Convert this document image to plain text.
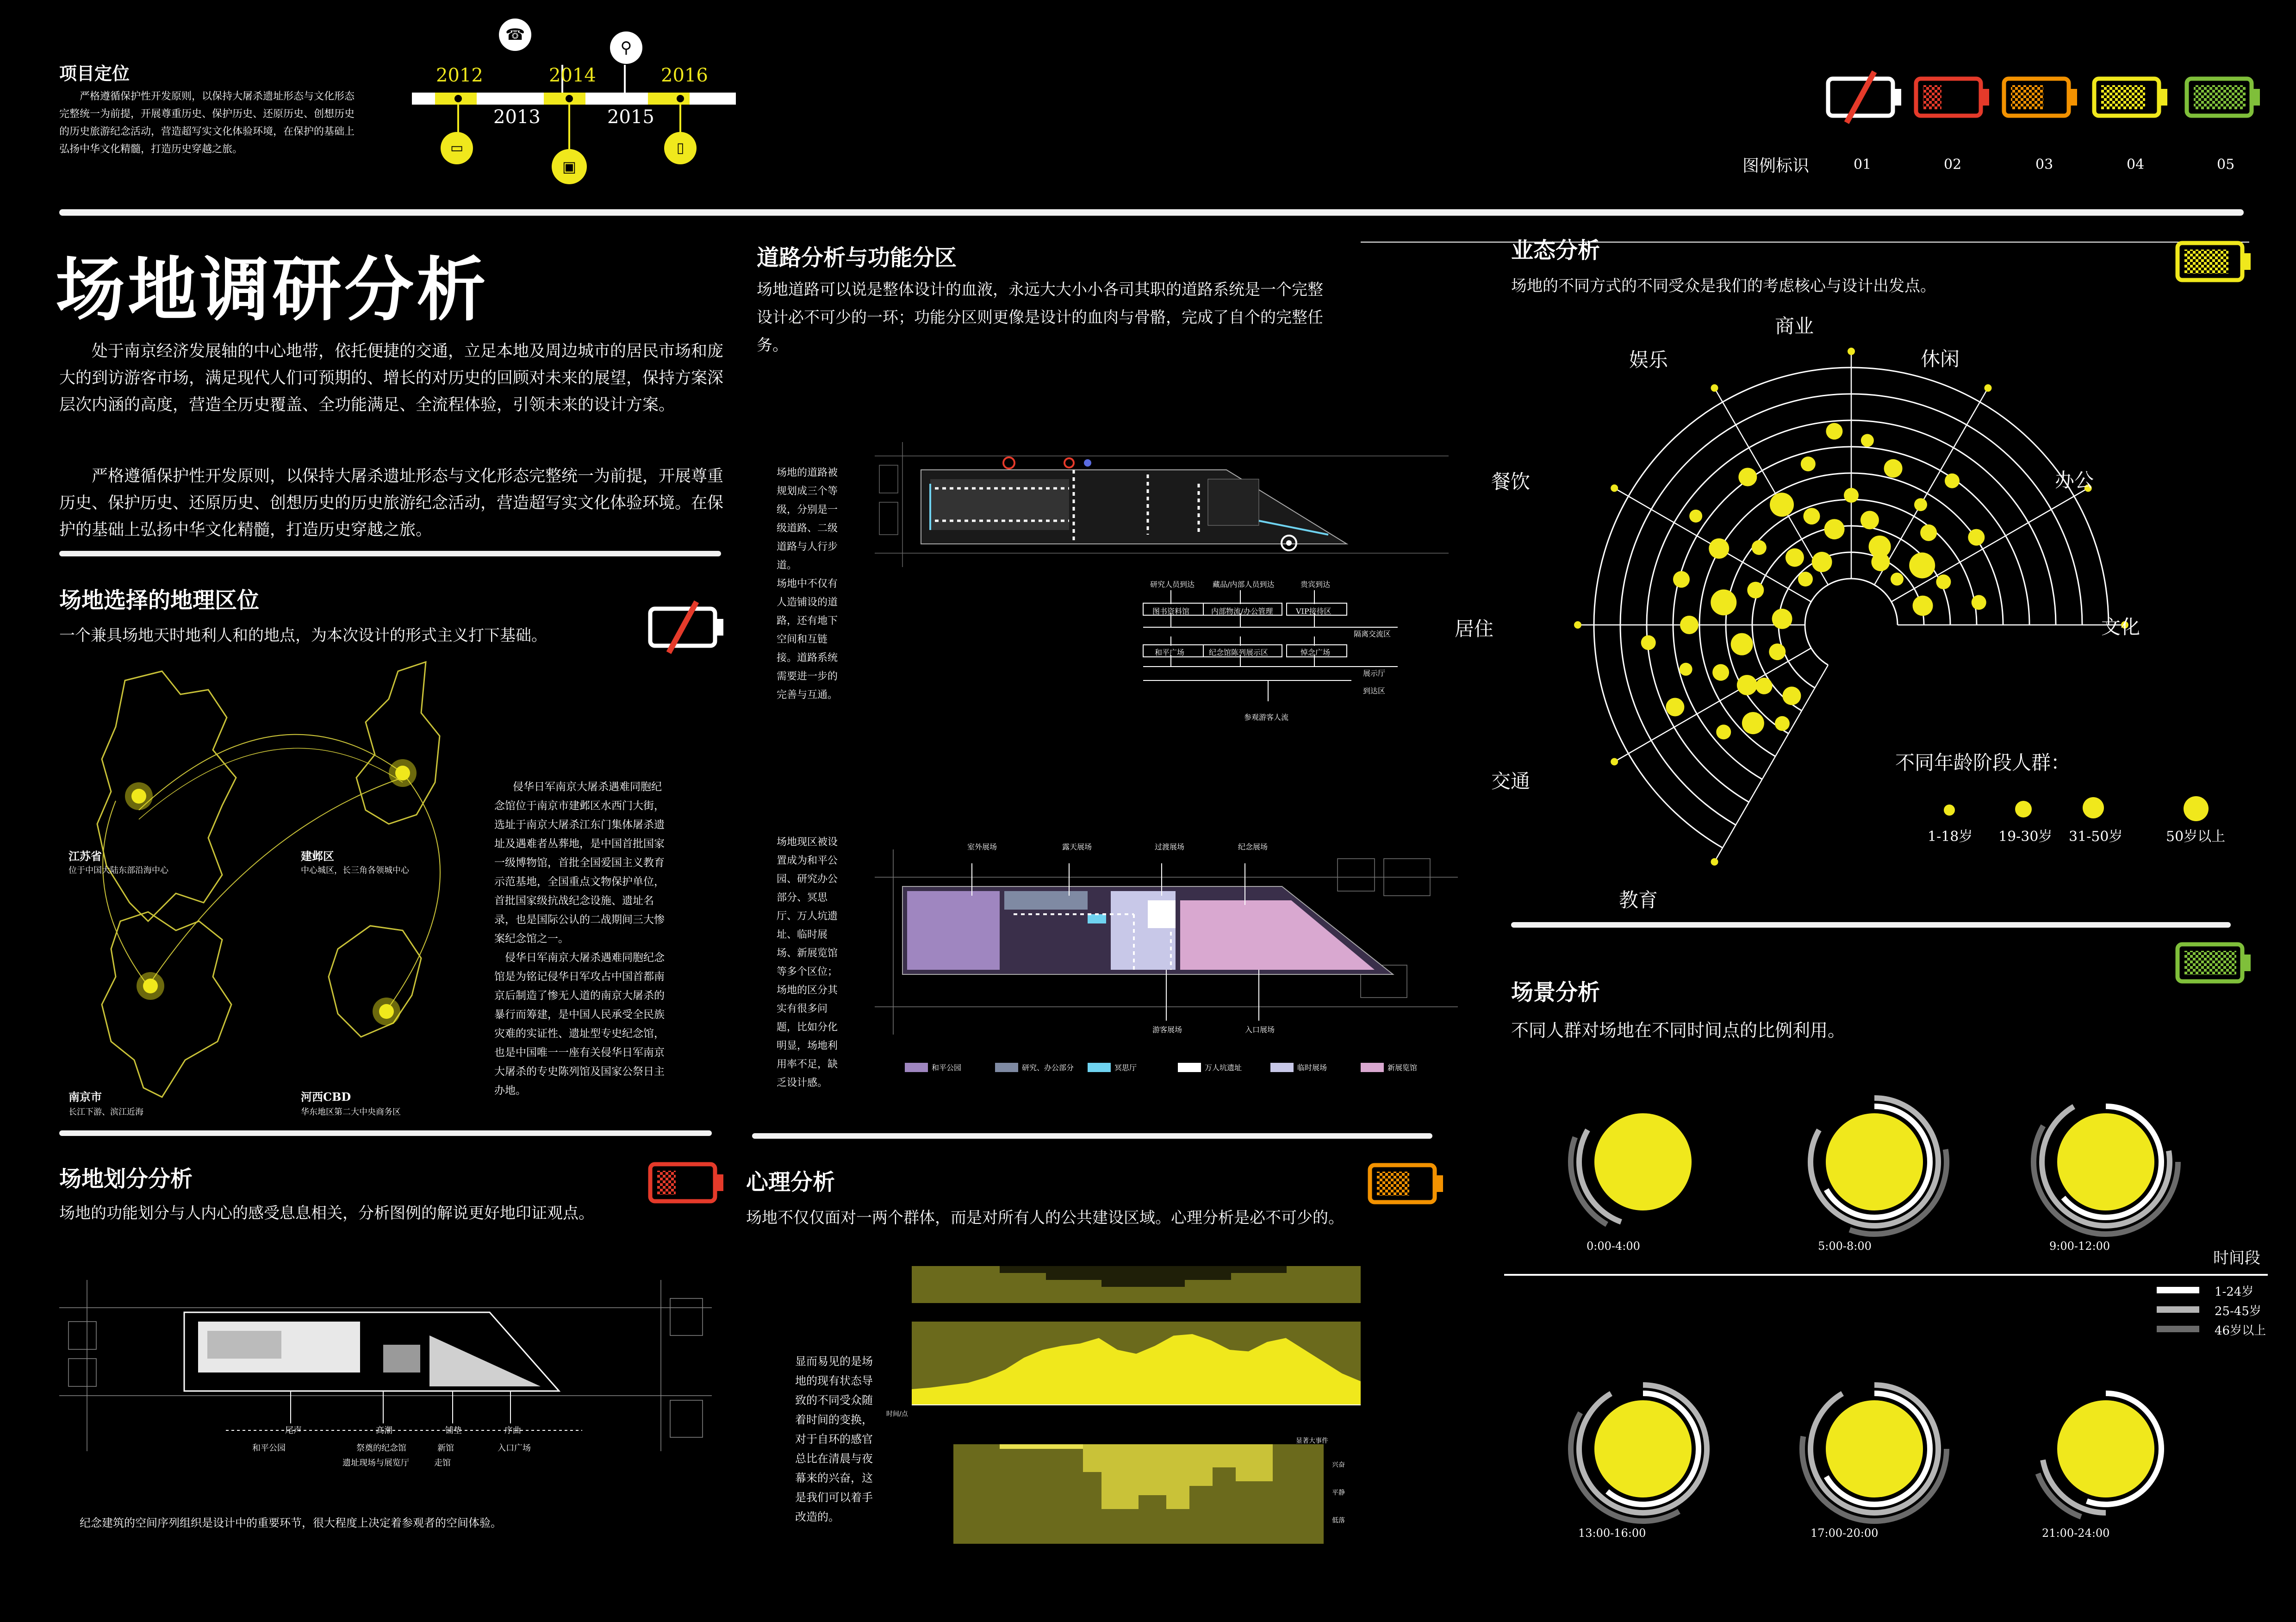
项目定位
严格遵循保护性开发原则，以保持大屠杀遗址形态与文化形态完整统一为前提，开展尊重历史、保护历史、还原历史、创想历史的历史旅游纪念活动，营造超写实文化体验环境，在保护的基础上弘扬中华文化精髓，打造历史穿越之旅。
☎
⚲
▭
▣
▯
2012	2014	2016
2013	2015
图例标识	01	02	03	04	05
场地调研分析
处于南京经济发展轴的中心地带，依托便捷的交通，立足本地及周边城市的居民市场和庞大的到访游客市场，满足现代人们可预期的、增长的对历史的回顾对未来的展望，保持方案深层次内涵的高度，营造全历史覆盖、全功能满足、全流程体验，引领未来的设计方案。
严格遵循保护性开发原则，以保持大屠杀遗址形态与文化形态完整统一为前提，开展尊重历史、保护历史、还原历史、创想历史的历史旅游纪念活动，营造超写实文化体验环境。在保护的基础上弘扬中华文化精髓，打造历史穿越之旅。
场地选择的地理区位
一个兼具场地天时地利人和的地点，为本次设计的形式主义打下基础。
江苏省
位于中国大陆东部沿海中心
建邺区
中心城区，长三角各领城中心
南京市
长江下游、滨江近海
河西CBD
华东地区第二大中央商务区
侵华日军南京大屠杀遇难同胞纪念馆位于南京市建邺区水西门大街，选址于南京大屠杀江东门集体屠杀遗址及遇难者丛葬地，是中国首批国家一级博物馆，首批全国爱国主义教育示范基地，全国重点文物保护单位，首批国家级抗战纪念设施、遗址名录，也是国际公认的二战期间三大惨案纪念馆之一。
　侵华日军南京大屠杀遇难同胞纪念馆是为铭记侵华日军攻占中国首都南京后制造了惨无人道的南京大屠杀的暴行而筹建，是中国人民承受全民族灾难的实证性、遗址型专史纪念馆，也是中国唯一一座有关侵华日军南京大屠杀的专史陈列馆及国家公祭日主办地。
场地划分分析
场地的功能划分与人内心的感受息息相关，分析图例的解说更好地印证观点。
尾声	高潮	铺垫	序曲
和平公园	祭奠的纪念馆	新馆	入口广场
遗址现场与展览厅	走馆
纪念建筑的空间序列组织是设计中的重要环节，很大程度上决定着参观者的空间体验。
道路分析与功能分区
场地道路可以说是整体设计的血液，永远大大小小各司其职的道路系统是一个完整设计必不可少的一环；功能分区则更像是设计的血肉与骨骼，完成了自个的完整任务。
场地的道路被规划成三个等级，分别是一级道路、二级道路与人行步道。
场地中不仅有人造铺设的道路，还有地下空间和互链接。道路系统需要进一步的完善与互通。
研究人员到达 藏品/内部人员到达	贵宾到达
图书资料馆	内部物流/办公管理	VIP接待区
隔离交流区
和平广场	纪念馆陈列展示区	悼念广场
展示厅
到达区
参观游客人流
场地现区被设置成为和平公园、研究办公部分、冥思厅、万人坑遗址、临时展场、新展览馆等多个区位；
场地的区分其实有很多问题，比如分化明显，场地利用率不足，缺乏设计感。
室外展场	露天展场	过渡展场	纪念展场
游客展场	入口展场
和平公园	研究、办公部分	冥思厅	万人坑遗址	临时展场	新展览馆
心理分析
场地不仅仅面对一两个群体，而是对所有人的公共建设区域。心理分析是必不可少的。
显而易见的是场地的现有状态导致的不同受众随着时间的变换，对于自环的感官总比在清晨与夜幕来的兴奋，这是我们可以着手改造的。
时间/点
显著大事件
兴奋
平静
低落
业态分析
场地的不同方式的不同受众是我们的考虑核心与设计出发点。
文化
办公
休闲
商业
娱乐
餐饮
居住
交通
教育
不同年龄阶段人群：
1-18岁 19-30岁 31-50岁	50岁以上
场景分析
不同人群对场地在不同时间点的比例利用。
0:00-4:00	5:00-8:00	9:00-12:00
13:00-16:00	17:00-20:00	21:00-24:00
时间段
1-24岁
25-45岁
46岁以上
